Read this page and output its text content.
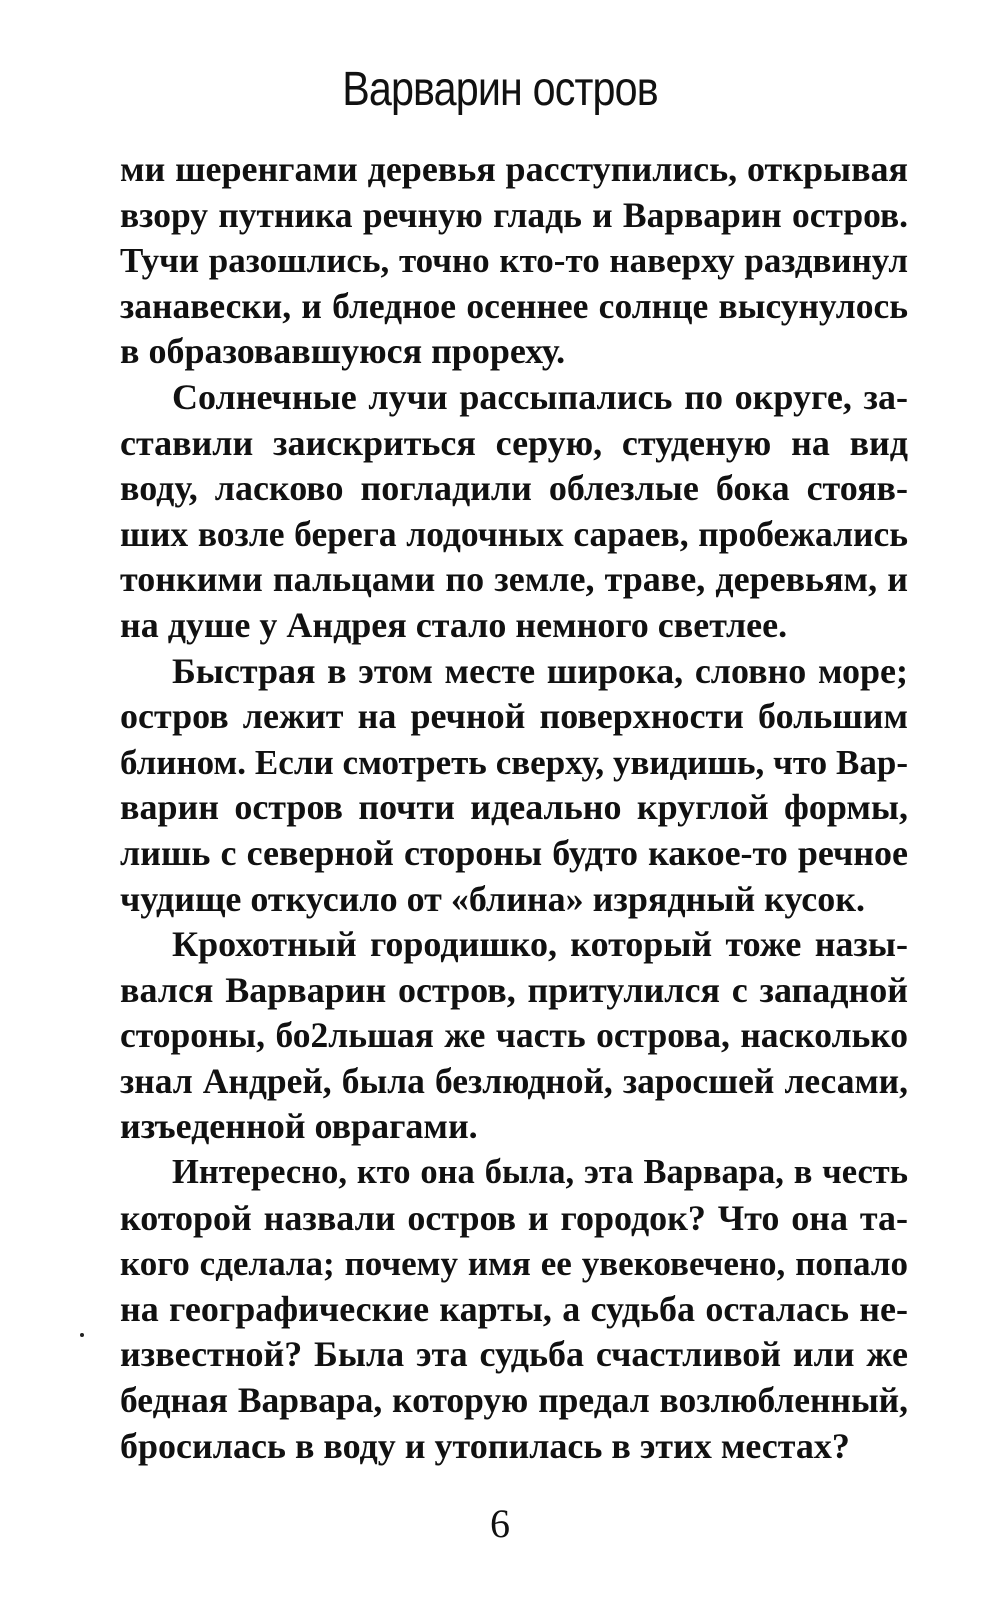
Варварин остров
ми шеренгами деревья расступились, открывая
взору путника речную гладь и Варварин остров.
Тучи разошлись, точно кто-то наверху раздвинул
занавески, и бледное осеннее солнце высунулось
в образовавшуюся прореху.
Солнечные лучи рассыпались по округе, за-
ставили заискриться серую, студеную на вид
воду, ласково погладили облезлые бока стояв-
ших возле берега лодочных сараев, пробежались
тонкими пальцами по земле, траве, деревьям, и
на душе у Андрея стало немного светлее.
Быстрая в этом месте широка, словно море;
остров лежит на речной поверхности большим
блином. Если смотреть сверху, увидишь, что Вар-
варин остров почти идеально круглой формы,
лишь с северной стороны будто какое-то речное
чудище откусило от «блина» изрядный кусок.
Крохотный городишко, который тоже назы-
вался Варварин остров, притулился с западной
стороны, бо2льшая же часть острова, насколько
знал Андрей, была безлюдной, заросшей лесами,
изъеденной оврагами.
Интересно, кто она была, эта Варвара, в честь
которой назвали остров и городок? Что она та-
кого сделала; почему имя ее увековечено, попало
на географические карты, а судьба осталась не-
известной? Была эта судьба счастливой или же
бедная Варвара, которую предал возлюбленный,
бросилась в воду и утопилась в этих местах?
6
